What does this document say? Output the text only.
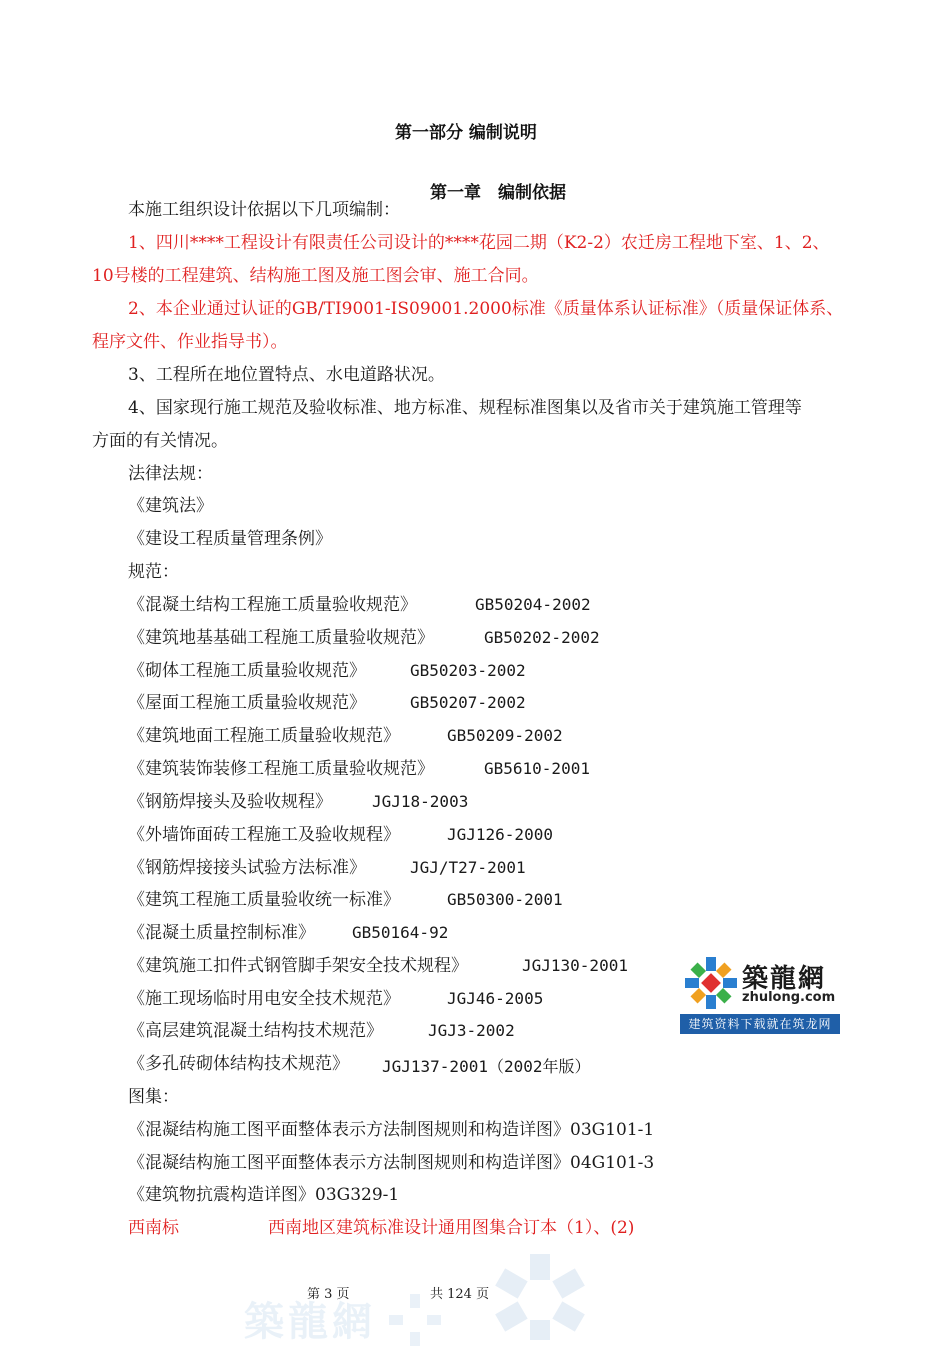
第一部分 编制说明
第一章　编制依据
本施工组织设计依据以下几项编制：
1、四川****工程设计有限责任公司设计的****花园二期（K2-2）农迁房工程地下室、1、2、
10号楼的工程建筑、结构施工图及施工图会审、施工合同。
2、本企业通过认证的GB/TI9001-IS09001.2000标准《质量体系认证标准》（质量保证体系、
程序文件、作业指导书）。
3、工程所在地位置特点、水电道路状况。
4、国家现行施工规范及验收标准、地方标准、规程标准图集以及省市关于建筑施工管理等
方面的有关情况。
法律法规：
《建筑法》
《建设工程质量管理条例》
规范：
《混凝土结构工程施工质量验收规范》	GB50204-2002
《建筑地基基础工程施工质量验收规范》	GB50202-2002
《砌体工程施工质量验收规范》	GB50203-2002
《屋面工程施工质量验收规范》	GB50207-2002
《建筑地面工程施工质量验收规范》	GB50209-2002
《建筑装饰装修工程施工质量验收规范》	GB5610-2001
《钢筋焊接头及验收规程》	JGJ18-2003
《外墙饰面砖工程施工及验收规程》	JGJ126-2000
《钢筋焊接接头试验方法标准》	JGJ/T27-2001
《建筑工程施工质量验收统一标准》	GB50300-2001
《混凝土质量控制标准》 GB50164-92
《建筑施工扣件式钢管脚手架安全技术规程》	JGJ130-2001
《施工现场临时用电安全技术规范》	JGJ46-2005
《高层建筑混凝土结构技术规范》	JGJ3-2002
《多孔砖砌体结构技术规范》 JGJ137-2001（2002年版）
图集：
《混凝结构施工图平面整体表示方法制图规则和构造详图》03G101-1
《混凝结构施工图平面整体表示方法制图规则和构造详图》04G101-3
《建筑物抗震构造详图》03G329-1
西南标	西南地区建筑标准设计通用图集合订本（1）、(2)
築龍網
zhulong.com
建筑资料下载就在筑龙网
第 3 页	共 124 页
築龍網
